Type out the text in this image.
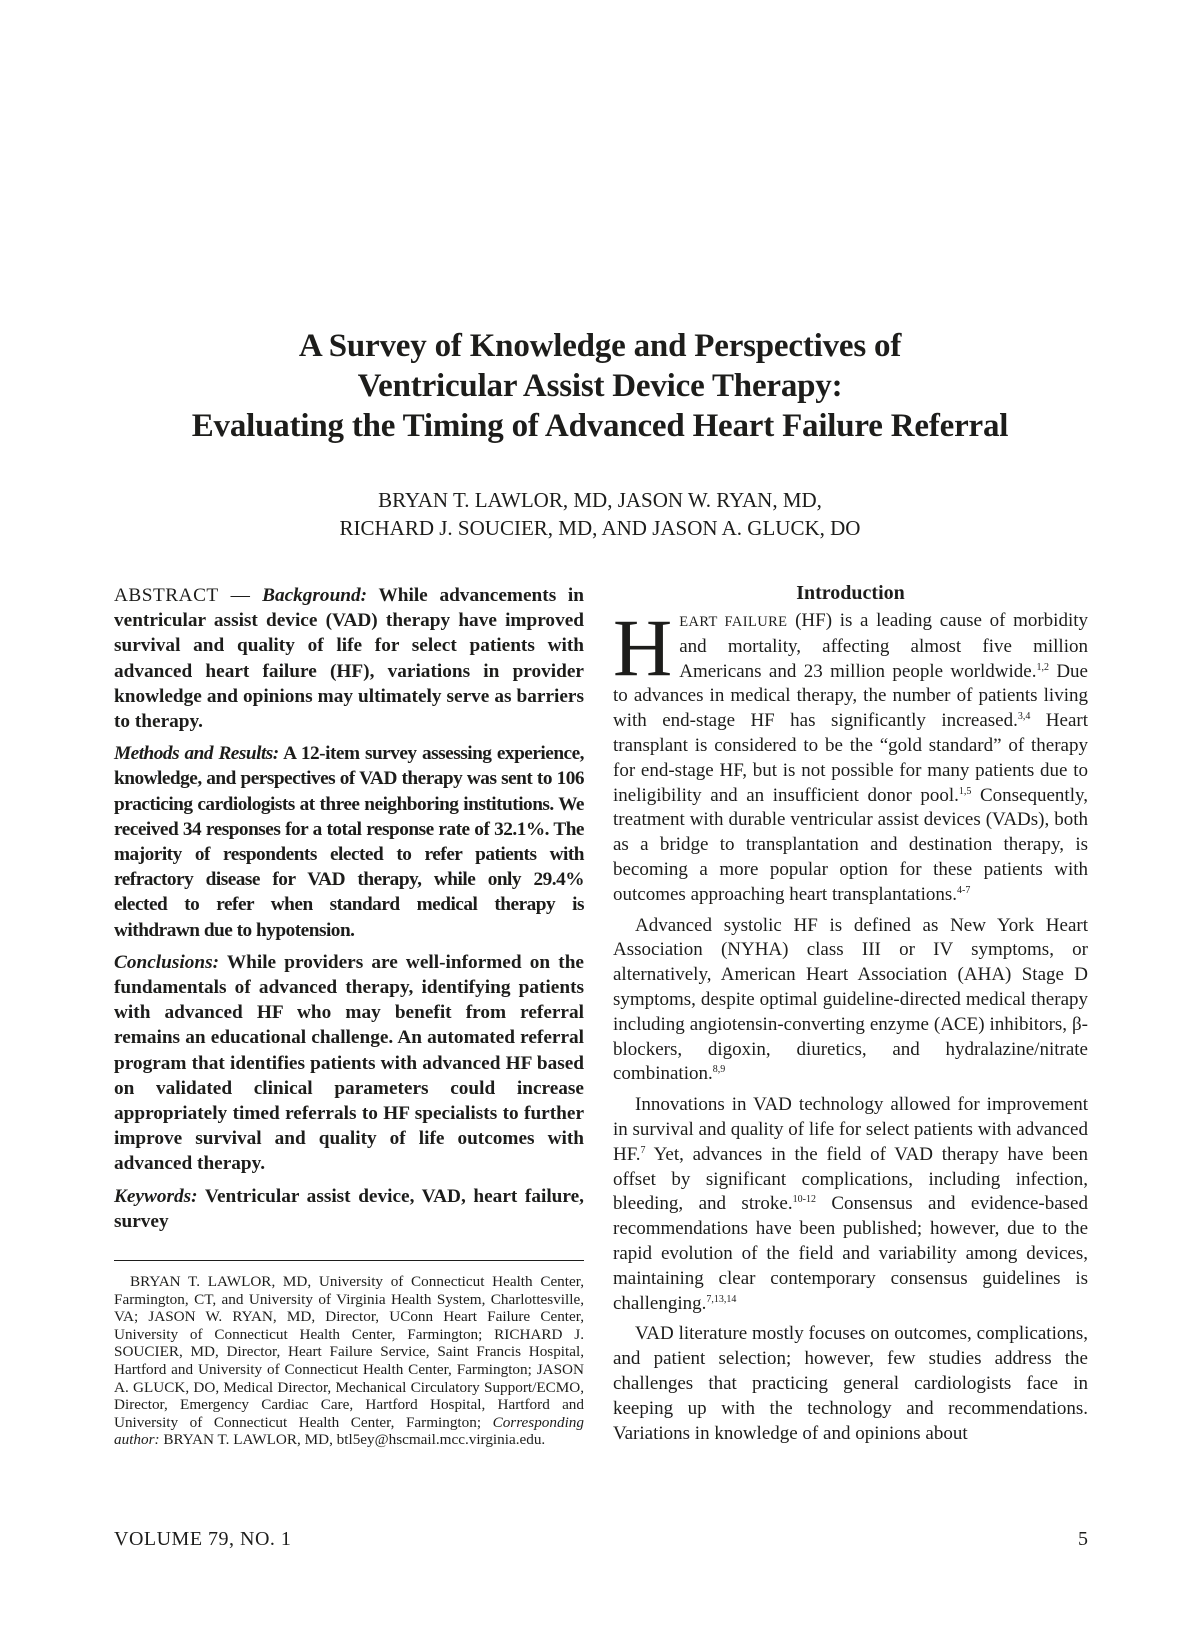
A Survey of Knowledge and Perspectives of
Ventricular Assist Device Therapy:
Evaluating the Timing of Advanced Heart Failure Referral
BRYAN T. LAWLOR, MD, JASON W. RYAN, MD,
RICHARD J. SOUCIER, MD, AND JASON A. GLUCK, DO

ABSTRACT — Background: While advancements in ventricular assist device (VAD) therapy have improved survival and quality of life for select patients with advanced heart failure (HF), variations in provider knowledge and opinions may ultimately serve as barriers to therapy.

Methods and Results: A 12-item survey assessing experience, knowledge, and perspectives of VAD therapy was sent to 106 practicing cardiologists at three neighboring institutions. We received 34 responses for a total response rate of 32.1%. The majority of respondents elected to refer patients with refractory disease for VAD therapy, while only 29.4% elected to refer when standard medical therapy is withdrawn due to hypotension.

Conclusions: While providers are well-informed on the fundamentals of advanced therapy, identifying patients with advanced HF who may benefit from referral remains an educational challenge. An automated referral program that identifies patients with advanced HF based on validated clinical parameters could increase appropriately timed referrals to HF specialists to further improve survival and quality of life outcomes with advanced therapy.

Keywords: Ventricular assist device, VAD, heart failure, survey

BRYAN T. LAWLOR, MD, University of Connecticut Health Center, Farmington, CT, and University of Virginia Health System, Charlottesville, VA; JASON W. RYAN, MD, Director, UConn Heart Failure Center, University of Connecticut Health Center, Farmington; RICHARD J. SOUCIER, MD, Director, Heart Failure Service, Saint Francis Hospital, Hartford and University of Connecticut Health Center, Farmington; JASON A. GLUCK, DO, Medical Director, Mechanical Circulatory Support/ECMO, Director, Emergency Cardiac Care, Hartford Hospital, Hartford and University of Connecticut Health Center, Farmington; Corresponding author: BRYAN T. LAWLOR, MD, btl5ey@hscmail.mcc.virginia.edu.

Introduction

HEART FAILURE (HF) is a leading cause of morbidity and mortality, affecting almost five million Americans and 23 million people worldwide.$^{1,2}$ Due to advances in medical therapy, the number of patients living with end-stage HF has significantly increased.$^{3,4}$ Heart transplant is considered to be the “gold standard” of therapy for end-stage HF, but is not possible for many patients due to ineligibility and an insufficient donor pool.$^{1,5}$ Consequently, treatment with durable ventricular assist devices (VADs), both as a bridge to transplantation and destination therapy, is becoming a more popular option for these patients with outcomes approaching heart transplantations.$^{4-7}$

Advanced systolic HF is defined as New York Heart Association (NYHA) class III or IV symptoms, or alternatively, American Heart Association (AHA) Stage D symptoms, despite optimal guideline-directed medical therapy including angiotensin-converting enzyme (ACE) inhibitors, β-blockers, digoxin, diuretics, and hydralazine/nitrate combination.$^{8,9}$

Innovations in VAD technology allowed for improvement in survival and quality of life for select patients with advanced HF.$^7$ Yet, advances in the field of VAD therapy have been offset by significant complications, including infection, bleeding, and stroke.$^{10-12}$ Consensus and evidence-based recommendations have been published; however, due to the rapid evolution of the field and variability among devices, maintaining clear contemporary consensus guidelines is challenging.$^{7,13,14}$

VAD literature mostly focuses on outcomes, complications, and patient selection; however, few studies address the challenges that practicing general cardiologists face in keeping up with the technology and recommendations. Variations in knowledge of and opinions about

VOLUME 79, NO. 1	5
